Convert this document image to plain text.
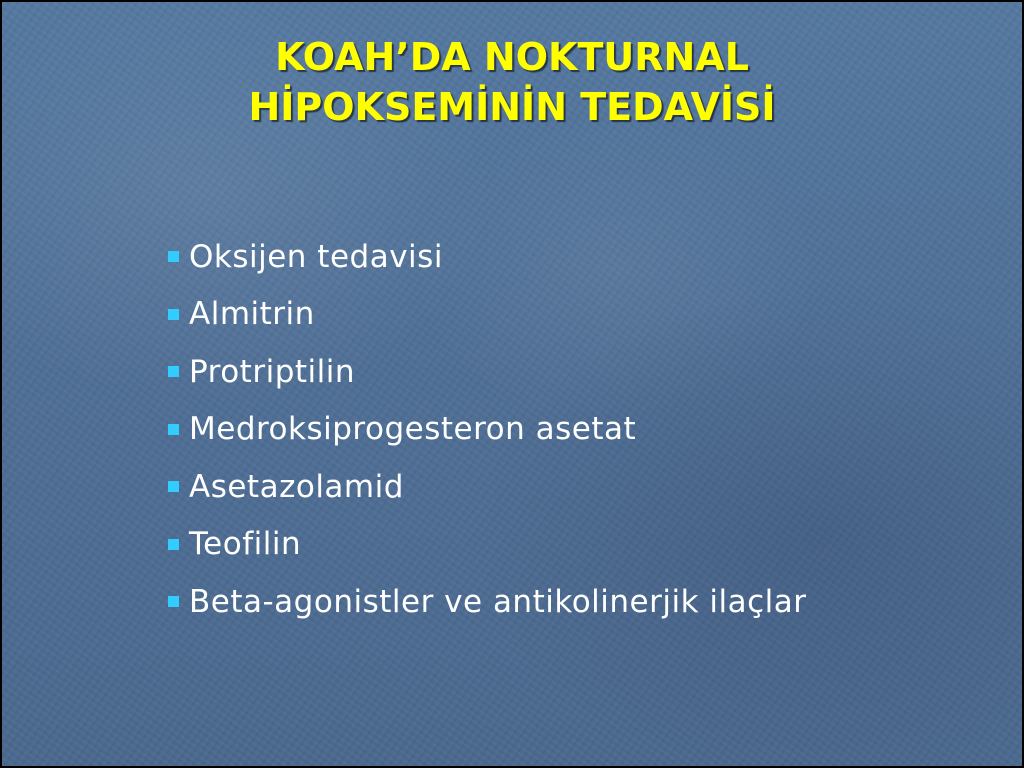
KOAH’DA NOKTURNAL
HİPOKSEMİNİN TEDAVİSİ
Oksijen tedavisi
Almitrin
Protriptilin
Medroksiprogesteron asetat
Asetazolamid
Teofilin
Beta-agonistler ve antikolinerjik ilaçlar
